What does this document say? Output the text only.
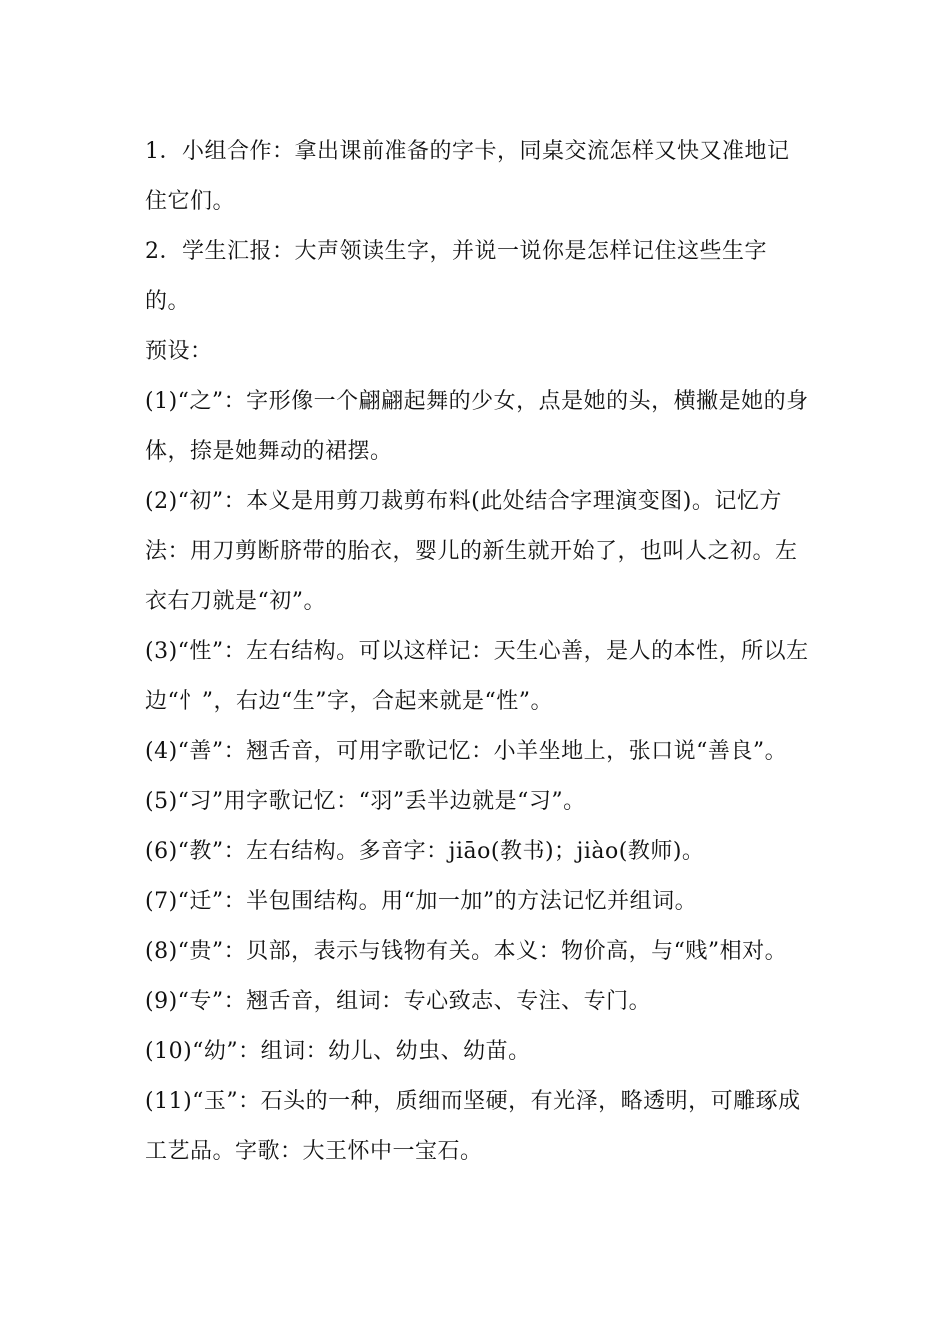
1．小组合作：拿出课前准备的字卡，同桌交流怎样又快又准地记住它们。

2．学生汇报：大声领读生字，并说一说你是怎样记住这些生字的。

预设：

(1)“之”：字形像一个翩翩起舞的少女，点是她的头，横撇是她的身体，捺是她舞动的裙摆。

(2)“初”：本义是用剪刀裁剪布料(此处结合字理演变图)。记忆方法：用刀剪断脐带的胎衣，婴儿的新生就开始了，也叫人之初。左衣右刀就是“初”。

(3)“性”：左右结构。可以这样记：天生心善，是人的本性，所以左边“忄”，右边“生”字，合起来就是“性”。

(4)“善”：翘舌音，可用字歌记忆：小羊坐地上，张口说“善良”。

(5)“习”用字歌记忆：“羽”丢半边就是“习”。

(6)“教”：左右结构。多音字：jiāo(教书)；jiào(教师)。

(7)“迁”：半包围结构。用“加一加”的方法记忆并组词。

(8)“贵”：贝部，表示与钱物有关。本义：物价高，与“贱”相对。

(9)“专”：翘舌音，组词：专心致志、专注、专门。

(10)“幼”：组词：幼儿、幼虫、幼苗。

(11)“玉”：石头的一种，质细而坚硬，有光泽，略透明，可雕琢成工艺品。字歌：大王怀中一宝石。
